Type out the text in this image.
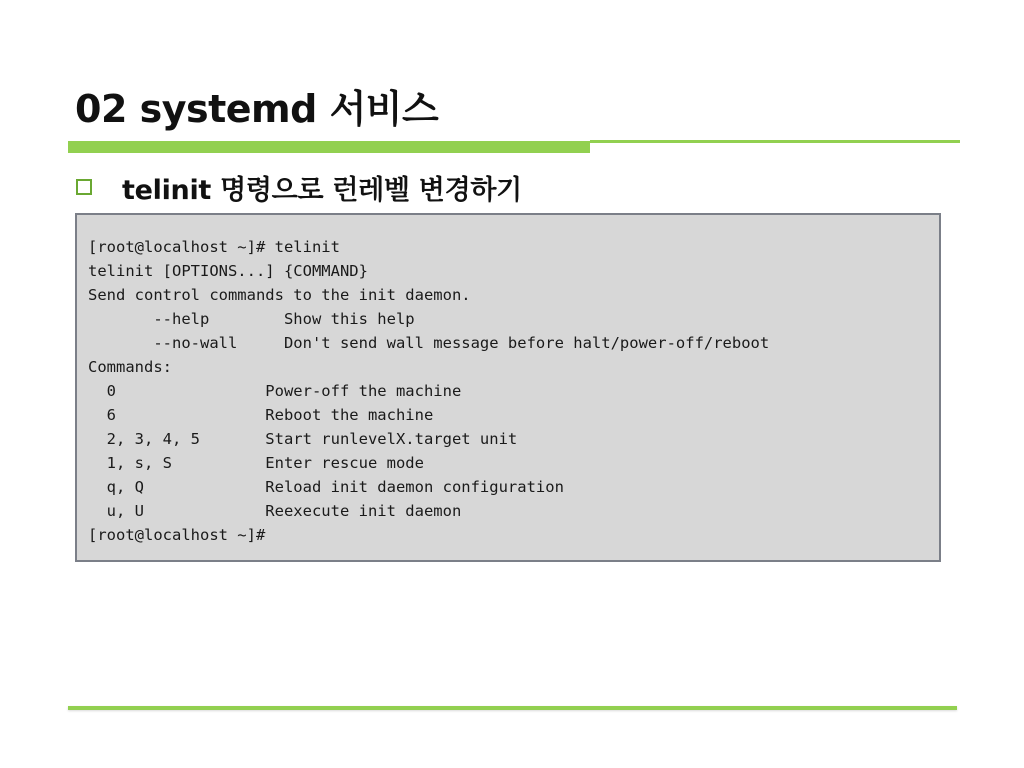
02 systemd 서비스
telinit 명령으로 런레벨 변경하기
[root@localhost ~]# telinit
telinit [OPTIONS...] {COMMAND}
Send control commands to the init daemon.
--help        Show this help
--no-wall     Don't send wall message before halt/power-off/reboot
Commands:
0                Power-off the machine
6                Reboot the machine
2, 3, 4, 5       Start runlevelX.target unit
1, s, S          Enter rescue mode
q, Q             Reload init daemon configuration
u, U             Reexecute init daemon
[root@localhost ~]#
